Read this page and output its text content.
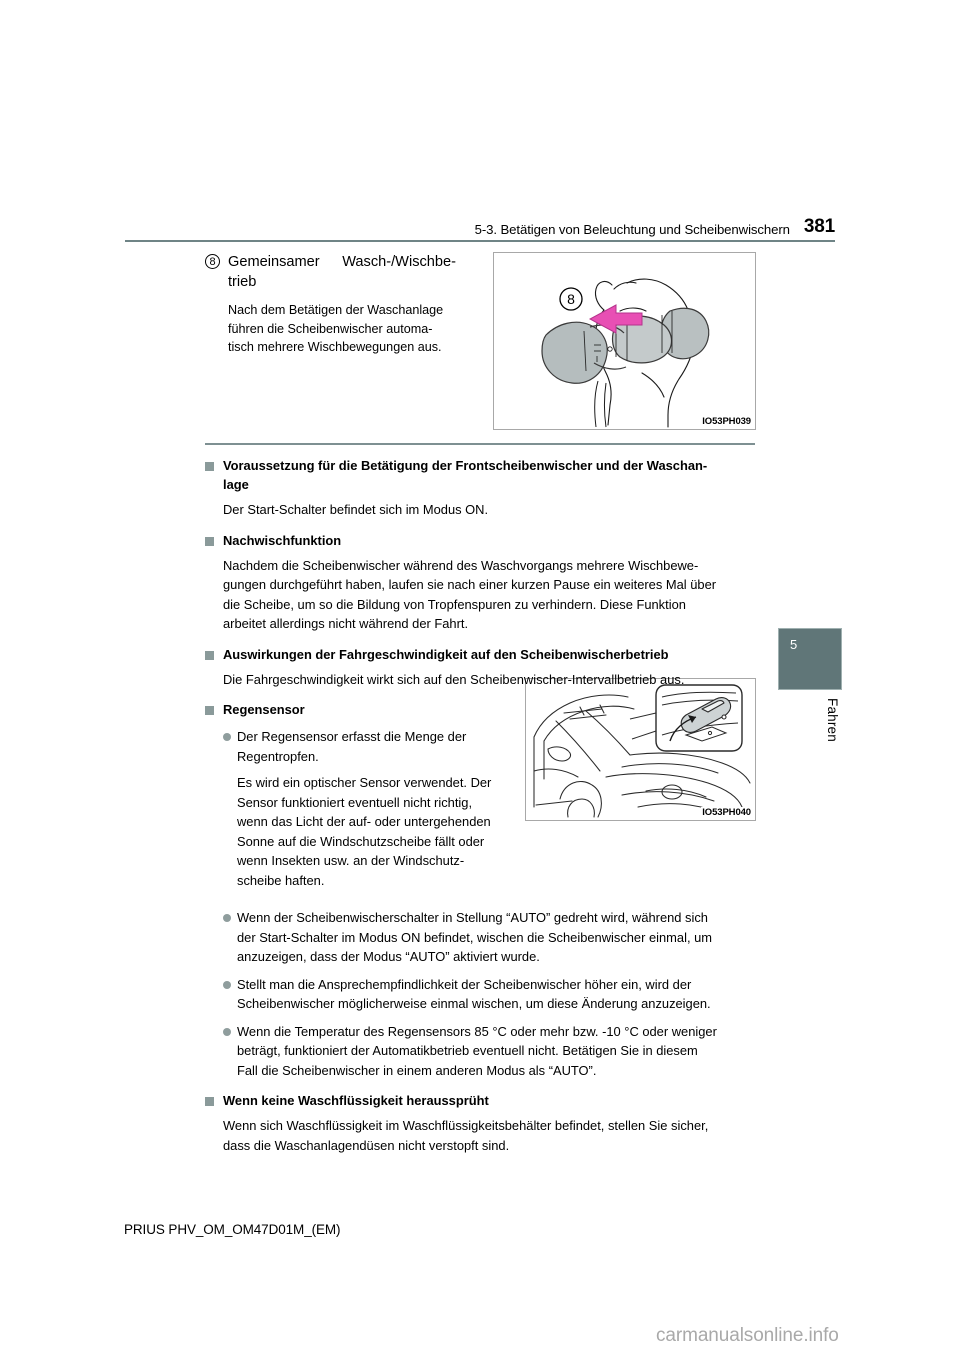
5-3. Betätigen von Beleuchtung und Scheibenwischern 381
5
Fahren
8 Gemeinsamer Wasch-/Wischbe-
trieb
Nach dem Betätigen der Waschanlage
führen die Scheibenwischer automa-
tisch mehrere Wischbewegungen aus.
8
IO53PH039
IO53PH040
Voraussetzung für die Betätigung der Frontscheibenwischer und der Waschan-
lage
Der Start-Schalter befindet sich im Modus ON.
Nachwischfunktion
Nachdem die Scheibenwischer während des Waschvorgangs mehrere Wischbewe-
gungen durchgeführt haben, laufen sie nach einer kurzen Pause ein weiteres Mal über
die Scheibe, um so die Bildung von Tropfenspuren zu verhindern. Diese Funktion
arbeitet allerdings nicht während der Fahrt.
Auswirkungen der Fahrgeschwindigkeit auf den Scheibenwischerbetrieb
Die Fahrgeschwindigkeit wirkt sich auf den Scheibenwischer-Intervallbetrieb aus.
Regensensor
Der Regensensor erfasst die Menge der
Regentropfen.
Es wird ein optischer Sensor verwendet. Der
Sensor funktioniert eventuell nicht richtig,
wenn das Licht der auf- oder untergehenden
Sonne auf die Windschutzscheibe fällt oder
wenn Insekten usw. an der Windschutz-
scheibe haften.
Wenn der Scheibenwischerschalter in Stellung “AUTO” gedreht wird, während sich
der Start-Schalter im Modus ON befindet, wischen die Scheibenwischer einmal, um
anzuzeigen, dass der Modus “AUTO” aktiviert wurde.
Stellt man die Ansprechempfindlichkeit der Scheibenwischer höher ein, wird der
Scheibenwischer möglicherweise einmal wischen, um diese Änderung anzuzeigen.
Wenn die Temperatur des Regensensors 85 °C oder mehr bzw. -10 °C oder weniger
beträgt, funktioniert der Automatikbetrieb eventuell nicht. Betätigen Sie in diesem
Fall die Scheibenwischer in einem anderen Modus als “AUTO”.
Wenn keine Waschflüssigkeit heraussprüht
Wenn sich Waschflüssigkeit im Waschflüssigkeitsbehälter befindet, stellen Sie sicher,
dass die Waschanlagendüsen nicht verstopft sind.
PRIUS PHV_OM_OM47D01M_(EM)
carmanualsonline.info
